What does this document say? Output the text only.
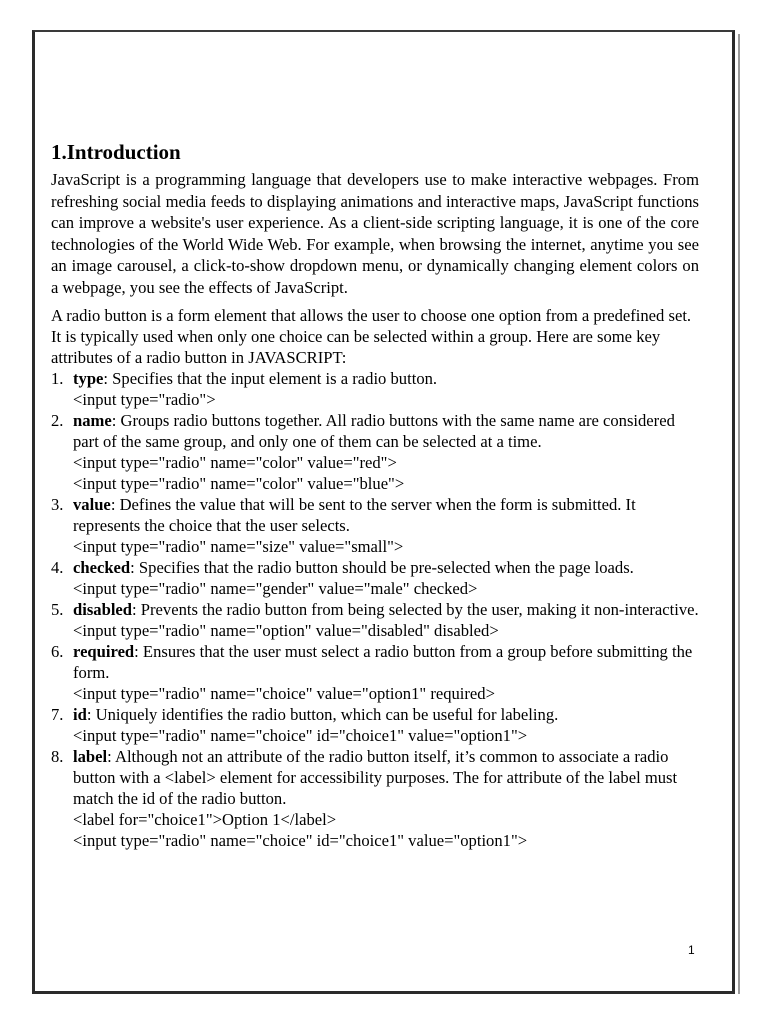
1.Introduction

JavaScript is a programming language that developers use to make interactive webpages. From refreshing social media feeds to displaying animations and interactive maps, JavaScript functions can improve a website's user experience. As a client-side scripting language, it is one of the core technologies of the World Wide Web. For example, when browsing the internet, anytime you see an image carousel, a click-to-show dropdown menu, or dynamically changing element colors on a webpage, you see the effects of JavaScript.

A radio button is a form element that allows the user to choose one option from a predefined set. It is typically used when only one choice can be selected within a group. Here are some key attributes of a radio button in JAVASCRIPT:

1. type: Specifies that the input element is a radio button.
<input type="radio">
2. name: Groups radio buttons together. All radio buttons with the same name are considered part of the same group, and only one of them can be selected at a time.
<input type="radio" name="color" value="red">
<input type="radio" name="color" value="blue">
3. value: Defines the value that will be sent to the server when the form is submitted. It represents the choice that the user selects.
<input type="radio" name="size" value="small">
4. checked: Specifies that the radio button should be pre-selected when the page loads.
<input type="radio" name="gender" value="male" checked>
5. disabled: Prevents the radio button from being selected by the user, making it non-interactive.
<input type="radio" name="option" value="disabled" disabled>
6. required: Ensures that the user must select a radio button from a group before submitting the form.
<input type="radio" name="choice" value="option1" required>
7. id: Uniquely identifies the radio button, which can be useful for labeling.
<input type="radio" name="choice" id="choice1" value="option1">
8. label: Although not an attribute of the radio button itself, it’s common to associate a radio button with a <label> element for accessibility purposes. The for attribute of the label must match the id of the radio button.
<label for="choice1">Option 1</label>
<input type="radio" name="choice" id="choice1" value="option1">
1
